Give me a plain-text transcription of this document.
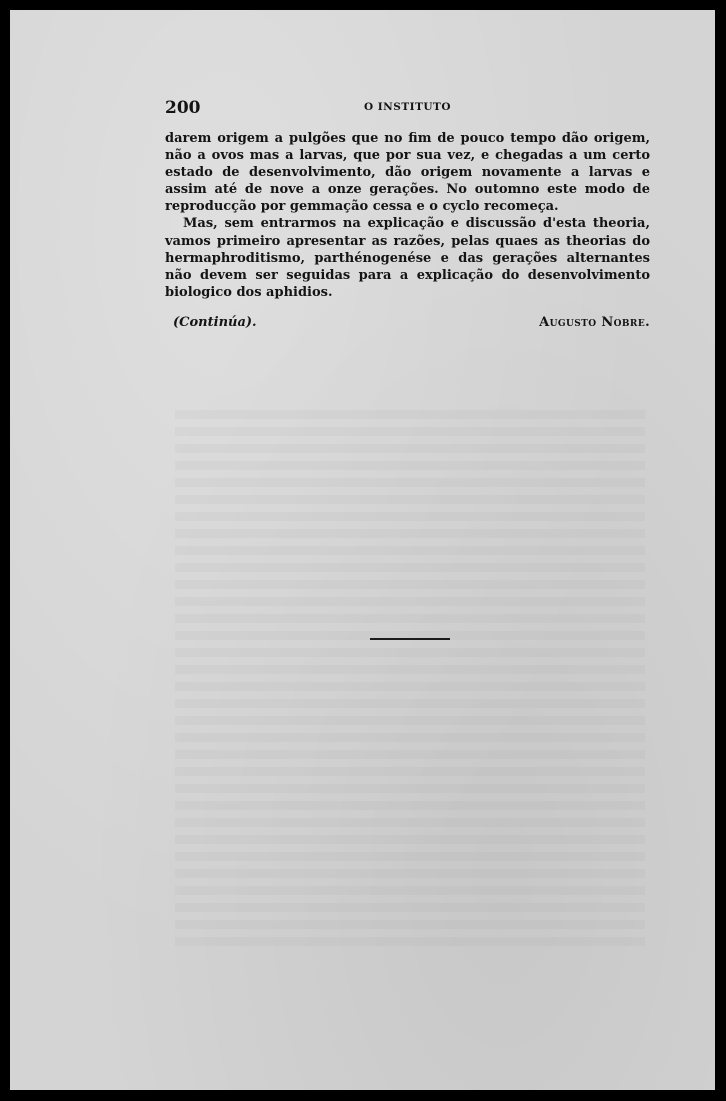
200	O INSTITUTO

darem origem a pulgões que no fim de pouco tempo dão origem, não a ovos mas a larvas, que por sua vez, e chegadas a um certo estado de desenvolvimento, dão origem novamente a larvas e assim até de nove a onze gerações. No outomno este modo de reproducção por gemmação cessa e o cyclo recomeça.

Mas, sem entrarmos na explicação e discussão d'esta theoria, vamos primeiro apresentar as razões, pelas quaes as theorias do hermaphroditismo, parthénogenése e das gerações alternantes não devem ser seguidas para a explicação do desenvolvimento biologico dos aphidios.

(Continúa).	Augusto Nobre.
